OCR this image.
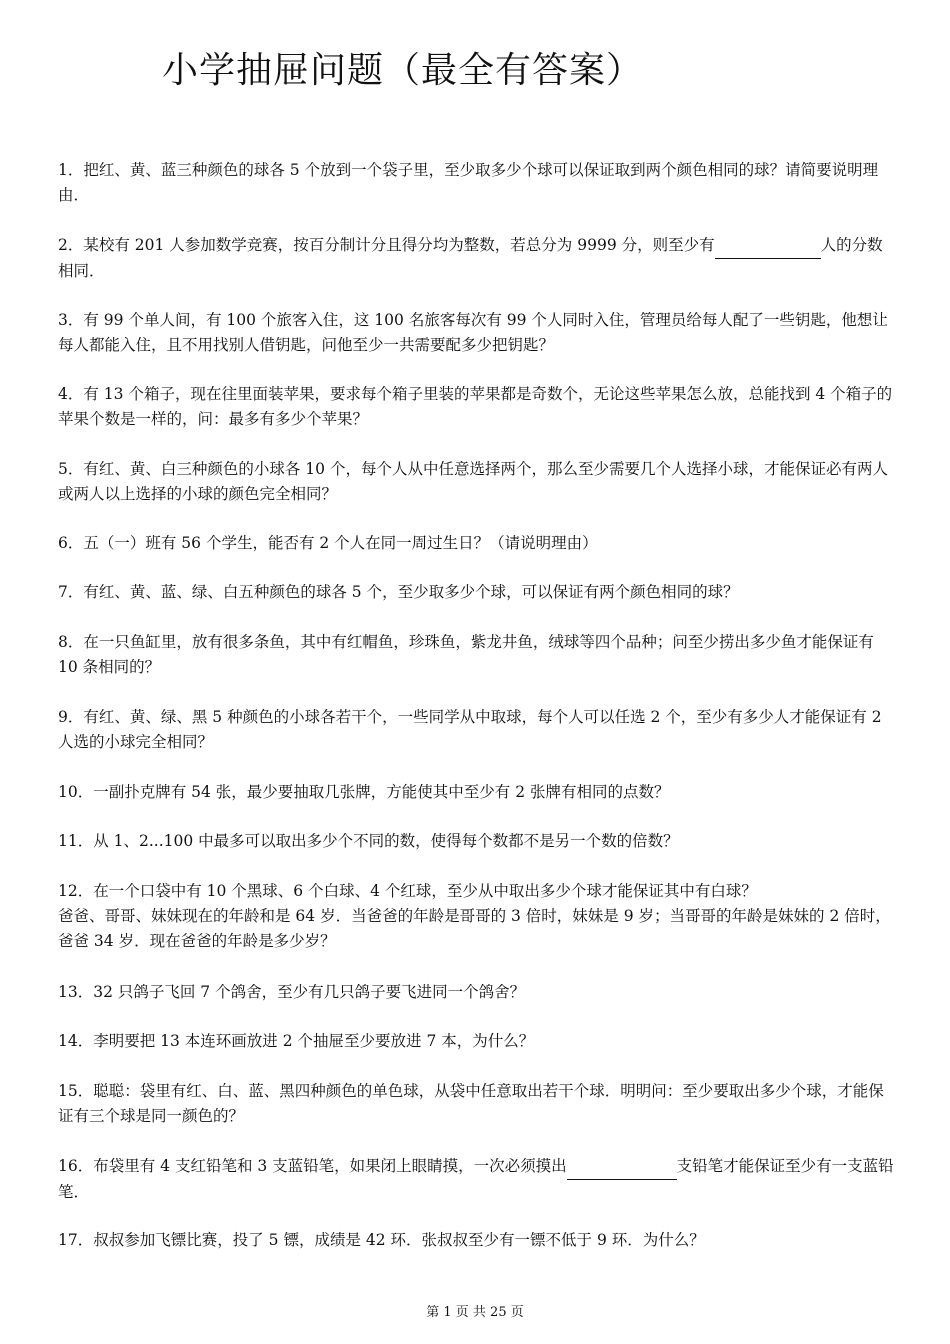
小学抽屉问题（最全有答案）

1．把红、黄、蓝三种颜色的球各 5 个放到一个袋子里，至少取多少个球可以保证取到两个颜色相同的球？请简要说明理由．

2．某校有 201 人参加数学竞赛，按百分制计分且得分均为整数，若总分为 9999 分，则至少有	人的分数相同．

3．有 99 个单人间，有 100 个旅客入住，这 100 名旅客每次有 99 个人同时入住，管理员给每人配了一些钥匙，他想让每人都能入住，且不用找别人借钥匙，问他至少一共需要配多少把钥匙？

4．有 13 个箱子，现在往里面装苹果，要求每个箱子里装的苹果都是奇数个，无论这些苹果怎么放，总能找到 4 个箱子的苹果个数是一样的，问：最多有多少个苹果？

5．有红、黄、白三种颜色的小球各 10 个，每个人从中任意选择两个，那么至少需要几个人选择小球，才能保证必有两人或两人以上选择的小球的颜色完全相同？

6．五（一）班有 56 个学生，能否有 2 个人在同一周过生日？（请说明理由）

7．有红、黄、蓝、绿、白五种颜色的球各 5 个，至少取多少个球，可以保证有两个颜色相同的球？

8．在一只鱼缸里，放有很多条鱼，其中有红帽鱼，珍珠鱼，紫龙井鱼，绒球等四个品种；问至少捞出多少鱼才能保证有 10 条相同的？

9．有红、黄、绿、黑 5 种颜色的小球各若干个，一些同学从中取球，每个人可以任选 2 个，至少有多少人才能保证有 2 人选的小球完全相同？

10．一副扑克牌有 54 张，最少要抽取几张牌，方能使其中至少有 2 张牌有相同的点数？

11．从 1、2...100 中最多可以取出多少个不同的数，使得每个数都不是另一个数的倍数？

12．在一个口袋中有 10 个黑球、6 个白球、4 个红球，至少从中取出多少个球才能保证其中有白球？
爸爸、哥哥、妹妹现在的年龄和是 64 岁．当爸爸的年龄是哥哥的 3 倍时，妹妹是 9 岁；当哥哥的年龄是妹妹的 2 倍时，爸爸 34 岁．现在爸爸的年龄是多少岁？

13．32 只鸽子飞回 7 个鸽舍，至少有几只鸽子要飞进同一个鸽舍？

14．李明要把 13 本连环画放进 2 个抽屉至少要放进 7 本，为什么？

15．聪聪：袋里有红、白、蓝、黑四种颜色的单色球，从袋中任意取出若干个球．明明问：至少要取出多少个球，才能保证有三个球是同一颜色的？

16．布袋里有 4 支红铅笔和 3 支蓝铅笔，如果闭上眼睛摸，一次必须摸出	支铅笔才能保证至少有一支蓝铅笔．

17．叔叔参加飞镖比赛，投了 5 镖，成绩是 42 环．张叔叔至少有一镖不低于 9 环．为什么？

第 1 页 共 25 页
